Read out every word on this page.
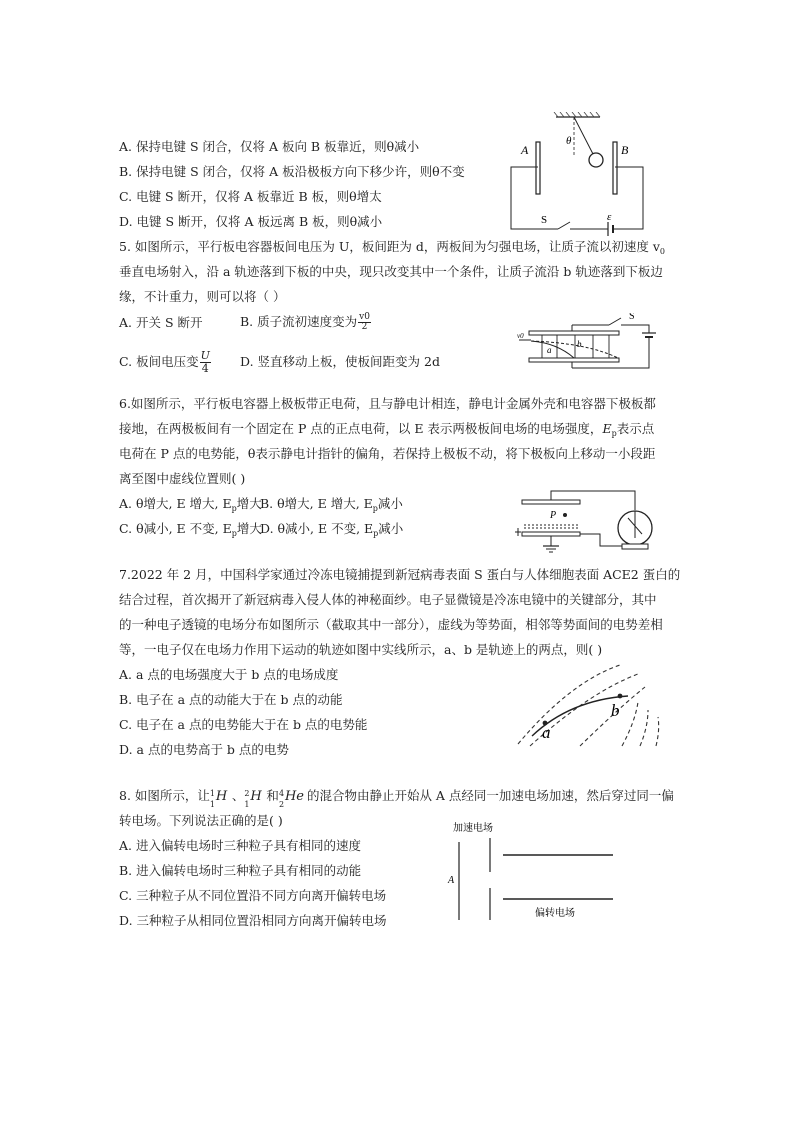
A. 保持电键 S 闭合，仅将 A 板向 B 板靠近，则θ减小
B. 保持电键 S 闭合，仅将 A 板沿极板方向下移少许，则θ不变
C. 电键 S 断开，仅将 A 板靠近 B 板，则θ增太
D. 电键 S 断开，仅将 A 板远离 B 板，则θ减小
A	B
θ
S	ε
5. 如图所示，平行板电容器板间电压为 U，板间距为 d，两板间为匀强电场，让质子流以初速度 $v_0$
垂直电场射入，沿 a 轨迹落到下板的中央，现只改变其中一个条件，让质子流沿 b 轨迹落到下板边
缘，不计重力，则可以将（ ）
A. 开关 S 断开	B. 质子流初速度变为 $\frac{v0}{2}$
C. 板间电压变 $\frac{U}{4} D$. 竖直移动上板，使板间距变为 2d
S
v0
a
b
6.如图所示，平行板电容器上极板带正电荷，且与静电计相连，静电计金属外壳和电容器下极板都
接地，在两极板间有一个固定在 P 点的正点电荷，以 E 表示两极板间电场的电场强度，$E_p$表示点
电荷在 P 点的电势能，θ表示静电计指针的偏角，若保持上极板不动，将下极板向上移动一小段距
离至图中虚线位置则( )
A. θ增大, E 增大, $E_p$增大
B. θ增大, E 增大, $E_p$减小
C. θ减小, E 不变, $E_p$增大
D. θ减小, E 不变, $E_p$减小
P
7.2022 年 2 月，中国科学家通过冷冻电镜捕提到新冠病毒表面 S 蛋白与人体细胞表面 ACE2 蛋白的
结合过程，首次揭开了新冠病毒入侵人体的神秘面纱。电子显微镜是冷冻电镜中的关键部分，其中
的一种电子透镜的电场分布如图所示（截取其中一部分），虚线为等势面，相邻等势面间的电势差相
等，一电子仅在电场力作用下运动的轨迹如图中实线所示，a、b 是轨迹上的两点，则( )
A. a 点的电场强度大于 b 点的电场成度
B. 电子在 a 点的动能大于在 b 点的动能
C. 电子在 a 点的电势能大于在 b 点的电势能
D. a 点的电势高于 b 点的电势
a
b
8. 如图所示，让 1
1
H 、 2
1
H 和 4
2
He 的混合物由静止开始从 A 点经同一加速电场加速，然后穿过同一偏
转电场。下列说法正确的是( )
A. 进入偏转电场时三种粒子具有相同的速度
B. 进入偏转电场时三种粒子具有相同的动能
C. 三种粒子从不同位置沿不同方向离开偏转电场
D. 三种粒子从相同位置沿相同方向离开偏转电场
加速电场
A
偏转电场
